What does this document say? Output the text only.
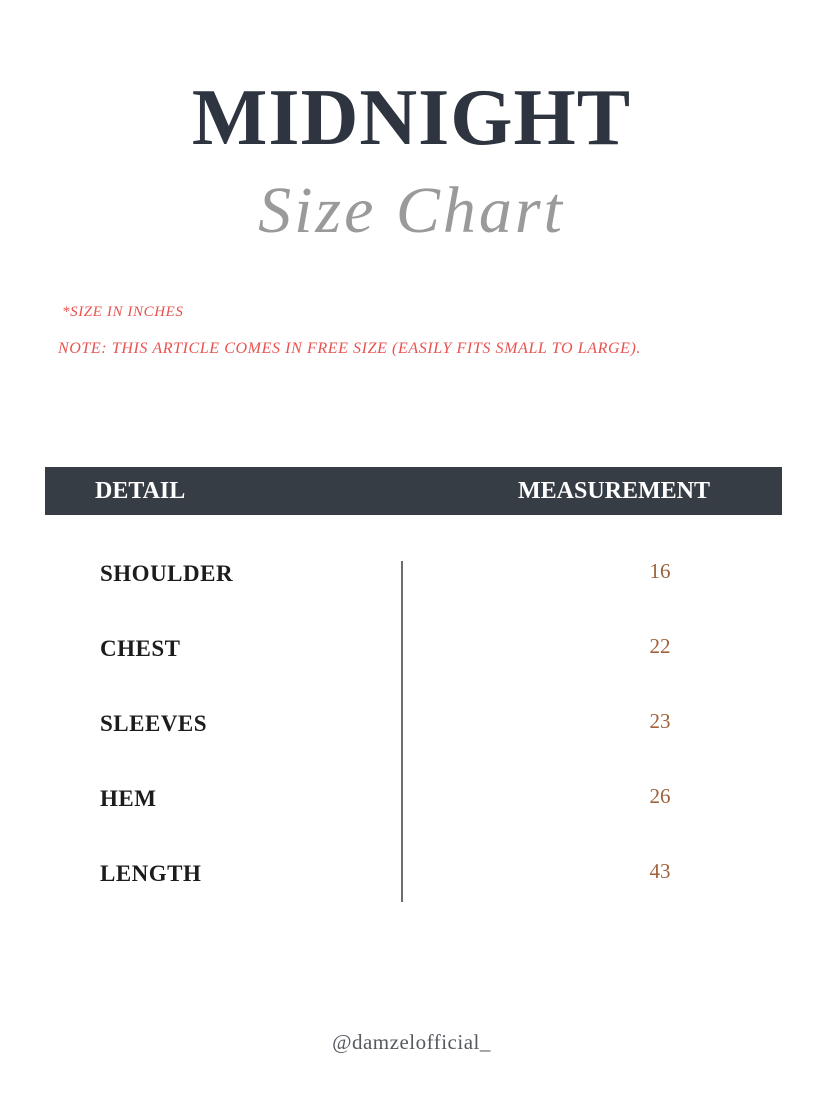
MIDNIGHT
Size Chart
*SIZE IN INCHES
NOTE: THIS ARTICLE COMES IN FREE SIZE (EASILY FITS SMALL TO LARGE).
DETAIL	MEASUREMENT
SHOULDER	16
CHEST	22
SLEEVES	23
HEM	26
LENGTH	43
@damzelofficial_
